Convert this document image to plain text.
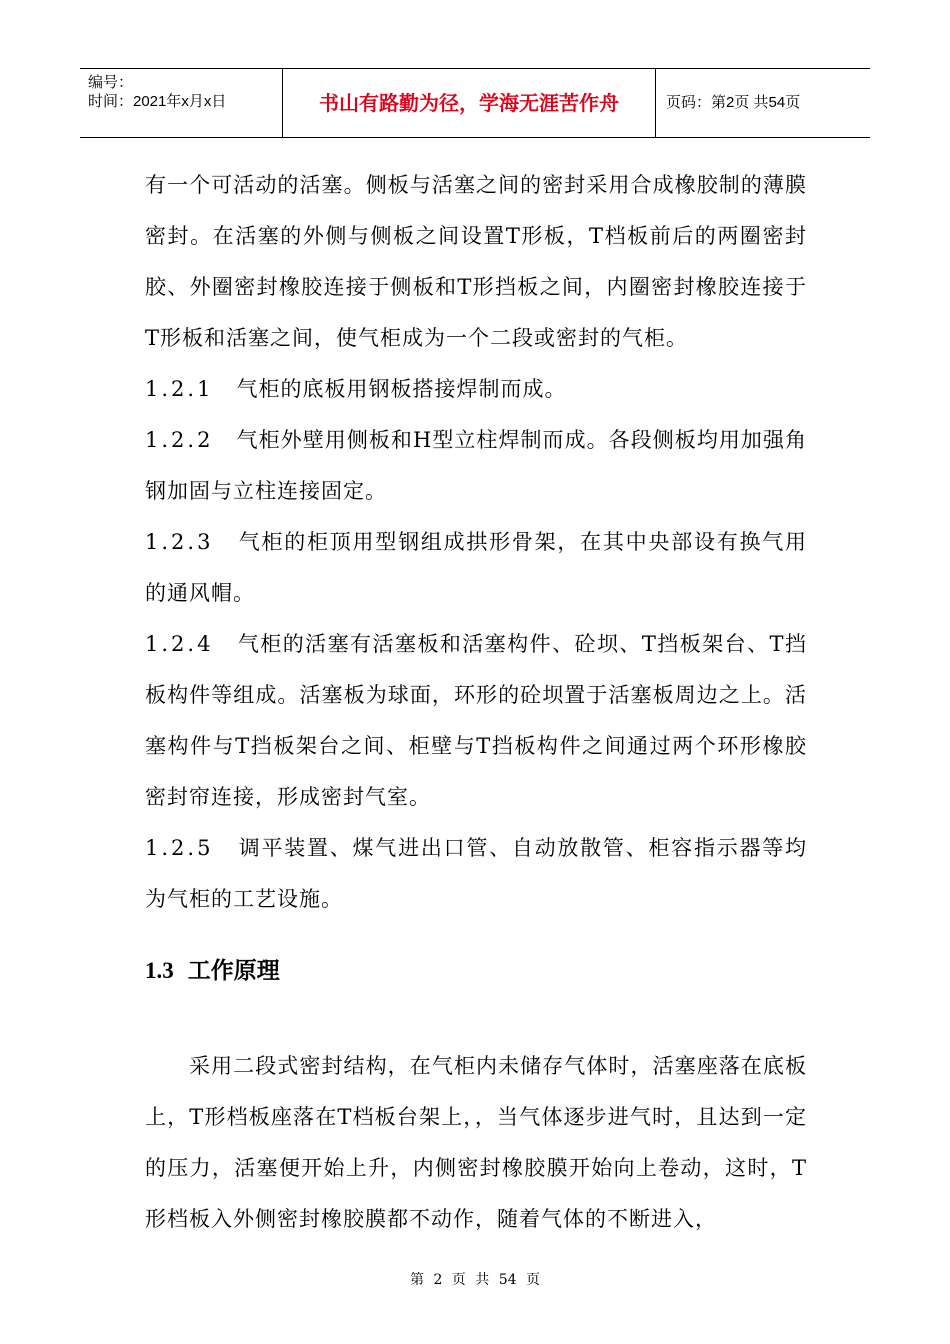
编号：
时间：2021年x月x日	书山有路勤为径，学海无涯苦作舟	页码：第2页 共54页

有一个可活动的活塞。侧板与活塞之间的密封采用合成橡胶制的薄膜密封。在活塞的外侧与侧板之间设置T形板，T档板前后的两圈密封胶、外圈密封橡胶连接于侧板和T形挡板之间，内圈密封橡胶连接于T形板和活塞之间，使气柜成为一个二段或密封的气柜。

1.2.1 气柜的底板用钢板搭接焊制而成。

1.2.2 气柜外壁用侧板和H型立柱焊制而成。各段侧板均用加强角钢加固与立柱连接固定。

1.2.3 气柜的柜顶用型钢组成拱形骨架，在其中央部设有换气用的通风帽。

1.2.4 气柜的活塞有活塞板和活塞构件、砼坝、T挡板架台、T挡板构件等组成。活塞板为球面，环形的砼坝置于活塞板周边之上。活塞构件与T挡板架台之间、柜壁与T挡板构件之间通过两个环形橡胶密封帘连接，形成密封气室。

1.2.5 调平装置、煤气进出口管、自动放散管、柜容指示器等均为气柜的工艺设施。

1.3 工作原理

采用二段式密封结构，在气柜内未储存气体时，活塞座落在底板上，T形档板座落在T档板台架上，，当气体逐步进气时，且达到一定的压力，活塞便开始上升，内侧密封橡胶膜开始向上卷动，这时，T形档板入外侧密封橡胶膜都不动作，随着气体的不断进入，

第 2 页 共 54 页
